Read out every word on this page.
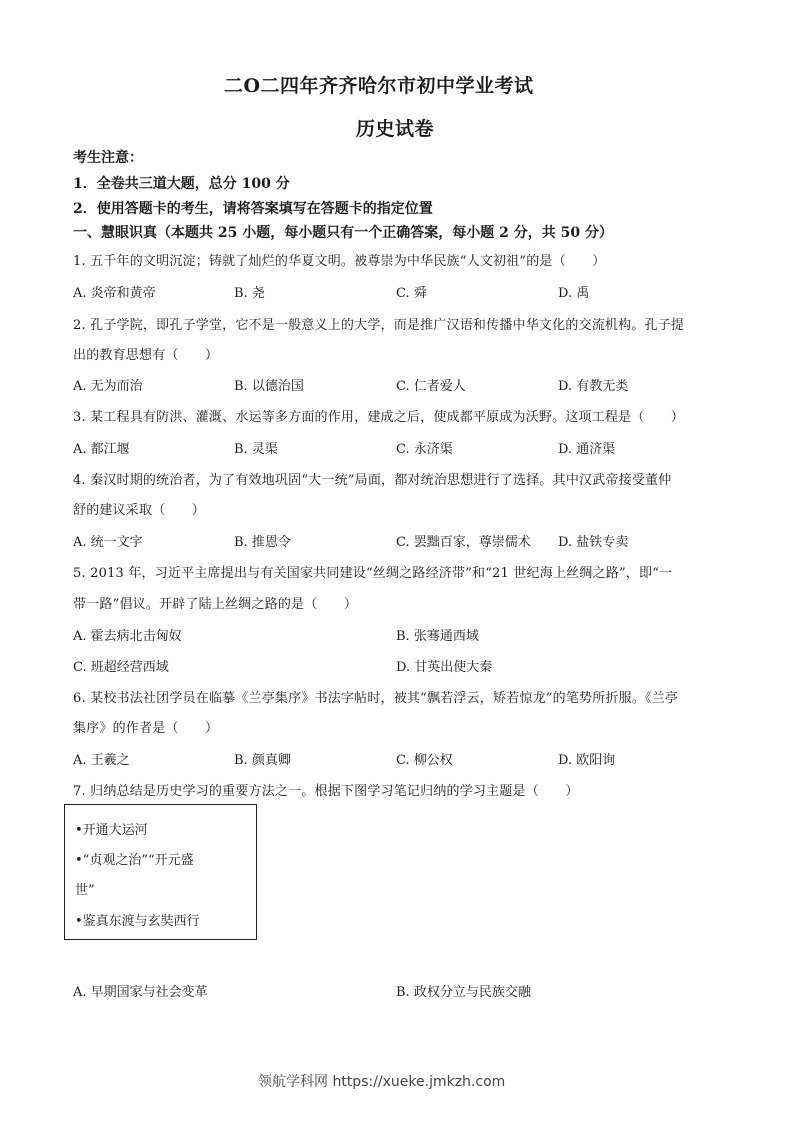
二O二四年齐齐哈尔市初中学业考试
历史试卷
考生注意：
1．全卷共三道大题，总分 100 分
2．使用答题卡的考生，请将答案填写在答题卡的指定位置
一、慧眼识真（本题共 25 小题，每小题只有一个正确答案，每小题 2 分，共 50 分）
1. 五千年的文明沉淀；铸就了灿烂的华夏文明。被尊崇为中华民族“人文初祖”的是（　　）
A. 炎帝和黄帝	B. 尧	C. 舜	D. 禹
2. 孔子学院，即孔子学堂，它不是一般意义上的大学，而是推广汉语和传播中华文化的交流机构。孔子提
出的教育思想有（　　）
A. 无为而治	B. 以德治国	C. 仁者爱人	D. 有教无类
3. 某工程具有防洪、灌溉、水运等多方面的作用，建成之后，使成都平原成为沃野。这项工程是（　　）
A. 都江堰	B. 灵渠	C. 永济渠	D. 通济渠
4. 秦汉时期的统治者，为了有效地巩固“大一统”局面，都对统治思想进行了选择。其中汉武帝接受董仲
舒的建议采取（　　）
A. 统一文字	B. 推恩令	C. 罢黜百家，尊崇儒术 D. 盐铁专卖
5. 2013 年，习近平主席提出与有关国家共同建设“丝绸之路经济带”和“21 世纪海上丝绸之路”，即“一
带一路”倡议。开辟了陆上丝绸之路的是（　　）
A. 霍去病北击匈奴	B. 张骞通西域
C. 班超经营西域	D. 甘英出使大秦
6. 某校书法社团学员在临摹《兰亭集序》书法字帖时，被其“飘若浮云，矫若惊龙”的笔势所折服。《兰亭
集序》的作者是（　　）
A. 王羲之	B. 颜真卿	C. 柳公权	D. 欧阳询
7. 归纳总结是历史学习的重要方法之一。根据下图学习笔记归纳的学习主题是（　　）
•开通大运河
•“贞观之治”“开元盛
世”
•鉴真东渡与玄奘西行
A. 早期国家与社会变革	B. 政权分立与民族交融
领航学科网 https://xueke.jmkzh.com
